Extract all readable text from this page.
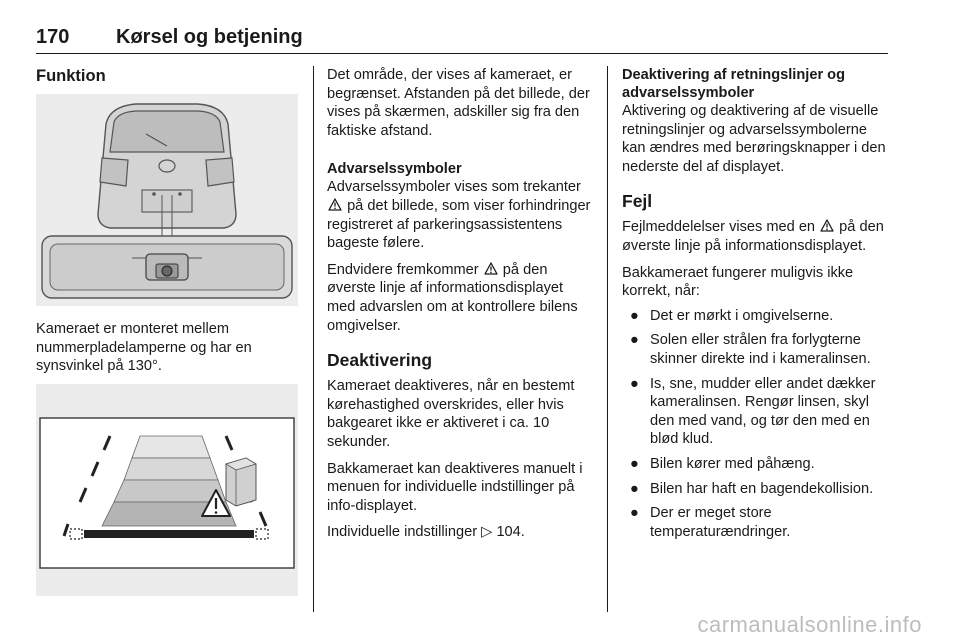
170 Kørsel og betjening
Funktion

Kameraet er monteret mellem nummerpladelamperne og har en synsvinkel på 130°.

Det område, der vises af kameraet, er begrænset. Afstanden på det billede, der vises på skærmen, adskiller sig fra den faktiske afstand.

Advarselssymboler

Advarselssymboler vises som trekanter
på det billede, som viser forhindringer registreret af parkeringsassistentens bageste følere.

Endvidere fremkommer på den øverste linje af informationsdisplayet med advarslen om at kontrollere bilens omgivelser.

Deaktivering

Kameraet deaktiveres, når en bestemt kørehastighed overskrides, eller hvis bakgearet ikke er aktiveret i ca. 10 sekunder.

Bakkameraet kan deaktiveres manuelt i menuen for individuelle indstillinger på info-displayet.

Individuelle indstillinger ▷ 104.

Deaktivering af retningslinjer og advarselssymboler

Aktivering og deaktivering af de visuelle retningslinjer og advarselssymbolerne kan ændres med berøringsknapper i den nederste del af displayet.

Fejl

Fejlmeddelelser vises med en på den øverste linje på informationsdisplayet.

Bakkameraet fungerer muligvis ikke korrekt, når:

● Det er mørkt i omgivelserne.
● Solen eller strålen fra forlygterne skinner direkte ind i kameralinsen.
● Is, sne, mudder eller andet dækker kameralinsen. Rengør linsen, skyl den med vand, og tør den med en blød klud.
● Bilen kører med påhæng.
● Bilen har haft en bagendekollision.
● Der er meget store temperaturændringer.
carmanualsonline.info
